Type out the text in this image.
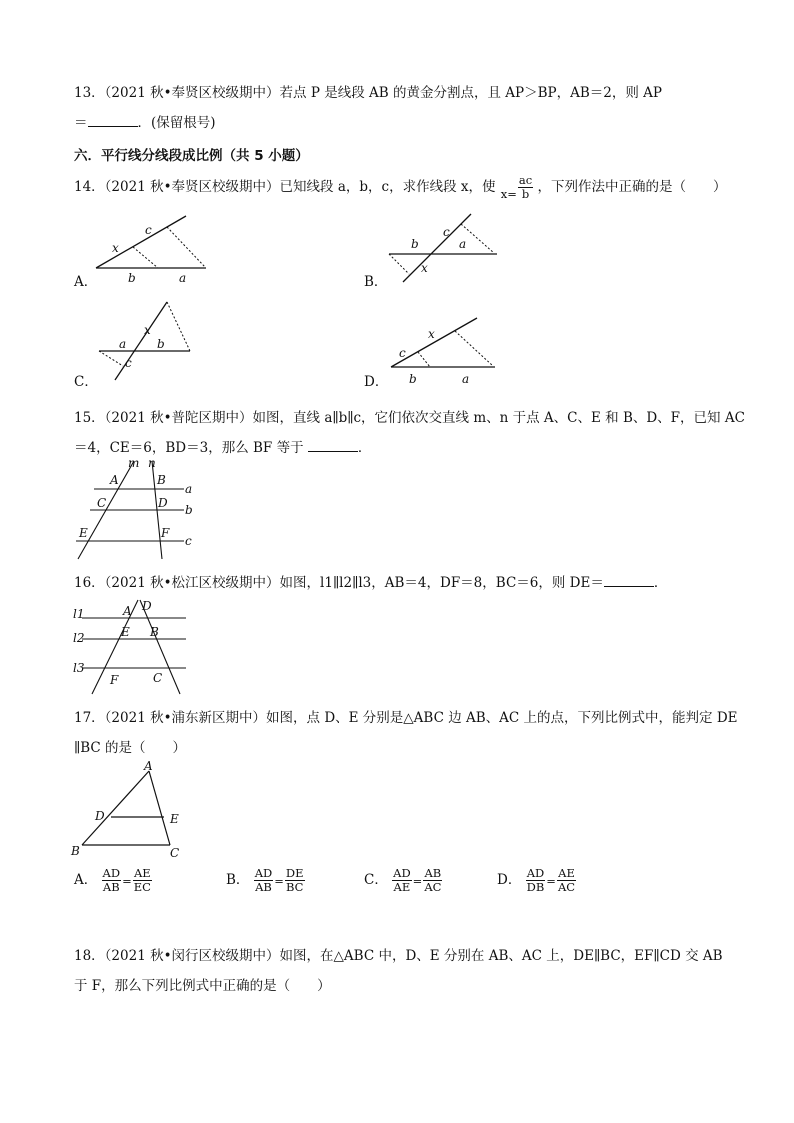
13．（2021 秋•奉贤区校级期中）若点 P 是线段 AB 的黄金分割点，且 AP＞BP，AB＝2，则 AP
＝	．(保留根号)
六．平行线分线段成比例（共 5 小题）
14．（2021 秋•奉贤区校级期中）已知线段 a，b，c，求作线段 x，使 $x= \frac{ac}{b}$ ，下列作法中正确的是（　　）
A．
x
c
b	a	B．
b
c
a
x
C．
x
a	b
c
D．
x
c
b	a
15．（2021 秋•普陀区期中）如图，直线 a∥b∥c，它们依次交直线 m、n 于点 A、C、E 和 B、D、F，已知 AC
＝4，CE＝6，BD＝3，那么 BF 等于	．
m n
a
b
c
A	B
C	D
E	F
16．（2021 秋•松江区校级期中）如图，l1∥l2∥l3，AB＝4，DF＝8，BC＝6，则 DE＝	．
l1
l2
l3
A D
E B
F	C
17．（2021 秋•浦东新区期中）如图，点 D、E 分别是△ABC 边 AB、AC 上的点，下列比例式中，能判定 DE
∥BC 的是（　　）
A
D	E
B	C
A． $\frac{AD}{AB} = \frac{AE}{EC}$	B． $\frac{AD}{AB} = \frac{DE}{BC}$	C． $\frac{AD}{AE} = \frac{AB}{AC}$	D． $\frac{AD}{DB} = \frac{AE}{AC}$
18．（2021 秋•闵行区校级期中）如图，在△ABC 中，D、E 分别在 AB、AC 上，DE∥BC，EF∥CD 交 AB
于 F，那么下列比例式中正确的是（　　）
